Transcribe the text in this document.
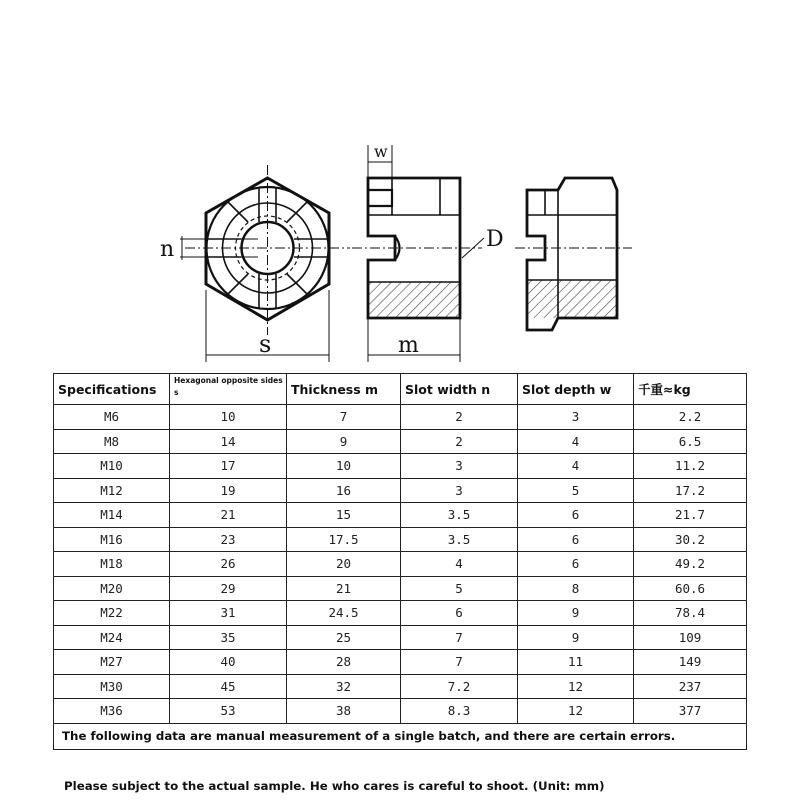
n
w
D
s	m
Specifications	Hexagonal opposite sides s	Thickness m	Slot width n	Slot depth w	千重≈kg
M6	10	7	2	3	2.2
M8	14	9	2	4	6.5
M10	17	10	3	4	11.2
M12	19	16	3	5	17.2
M14	21	15	3.5	6	21.7
M16	23	17.5	3.5	6	30.2
M18	26	20	4	6	49.2
M20	29	21	5	8	60.6
M22	31	24.5	6	9	78.4
M24	35	25	7	9	109
M27	40	28	7	11	149
M30	45	32	7.2	12	237
M36	53	38	8.3	12	377
The following data are manual measurement of a single batch, and there are certain errors.					
Please subject to the actual sample. He who cares is careful to shoot. (Unit: mm)
